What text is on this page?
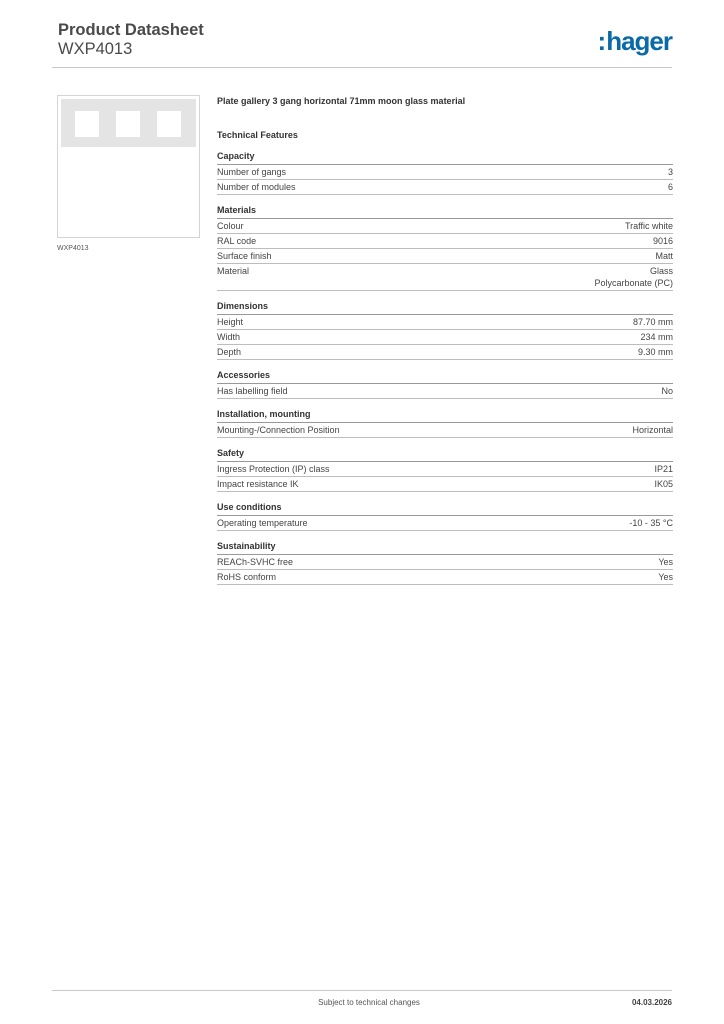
Product Datasheet
WXP4013	:hager
WXP4013
Plate gallery 3 gang horizontal 71mm moon glass material
Technical Features
Capacity
Number of gangs	3
Number of modules	6
Materials
Colour	Traffic white
RAL code	9016
Surface finish	Matt
Material	Glass
Polycarbonate (PC)
Dimensions
Height	87.70 mm
Width	234 mm
Depth	9.30 mm
Accessories
Has labelling field	No
Installation, mounting
Mounting-/Connection Position	Horizontal
Safety
Ingress Protection (IP) class	IP21
Impact resistance IK	IK05
Use conditions
Operating temperature	-10 - 35 °C
Sustainability
REACh-SVHC free	Yes
RoHS conform	Yes
Subject to technical changes	04.03.2026
